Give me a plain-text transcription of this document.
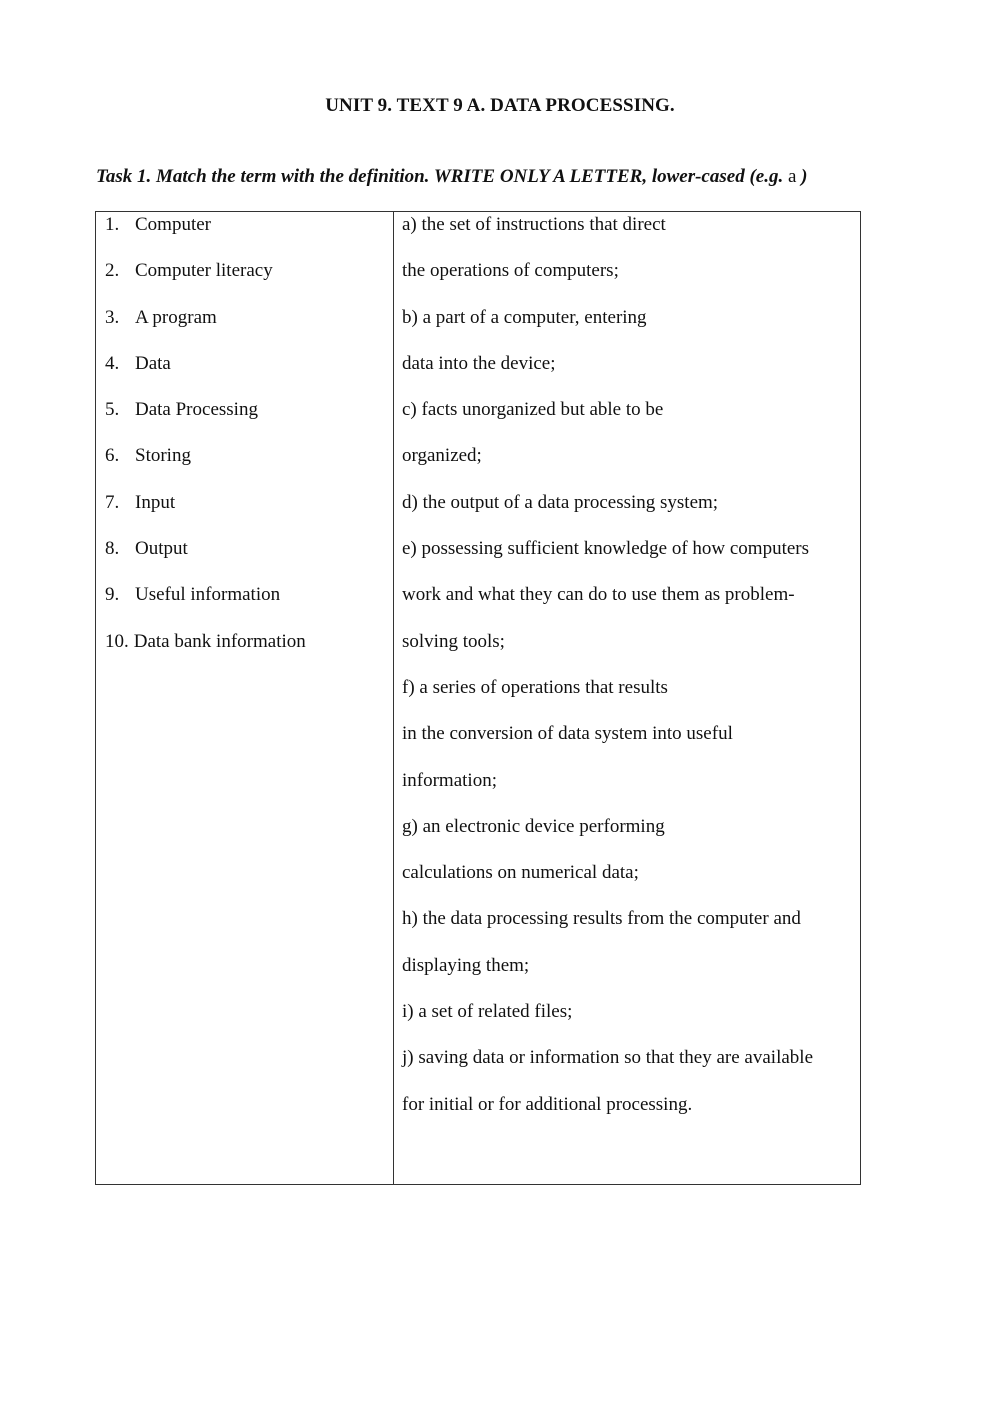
UNIT 9. TEXT 9 A. DATA PROCESSING.
Task 1. Match the term with the definition. WRITE ONLY A LETTER, lower-cased (e.g. a )
1. Computer
2. Computer literacy
3. A program
4. Data
5. Data Processing
6. Storing
7. Input
8. Output
9. Useful information
10. Data bank information
a) the set of instructions that direct
the operations of computers;
b) a part of a computer, entering
data into the device;
c) facts unorganized but able to be
organized;
d) the output of a data processing system;
e) possessing sufficient knowledge of how computers
work and what they can do to use them as problem-
solving tools;
f) a series of operations that results
in the conversion of data system into useful
information;
g) an electronic device performing
calculations on numerical data;
h) the data processing results from the computer and
displaying them;
i) a set of related files;
j) saving data or information so that they are available
for initial or for additional processing.
